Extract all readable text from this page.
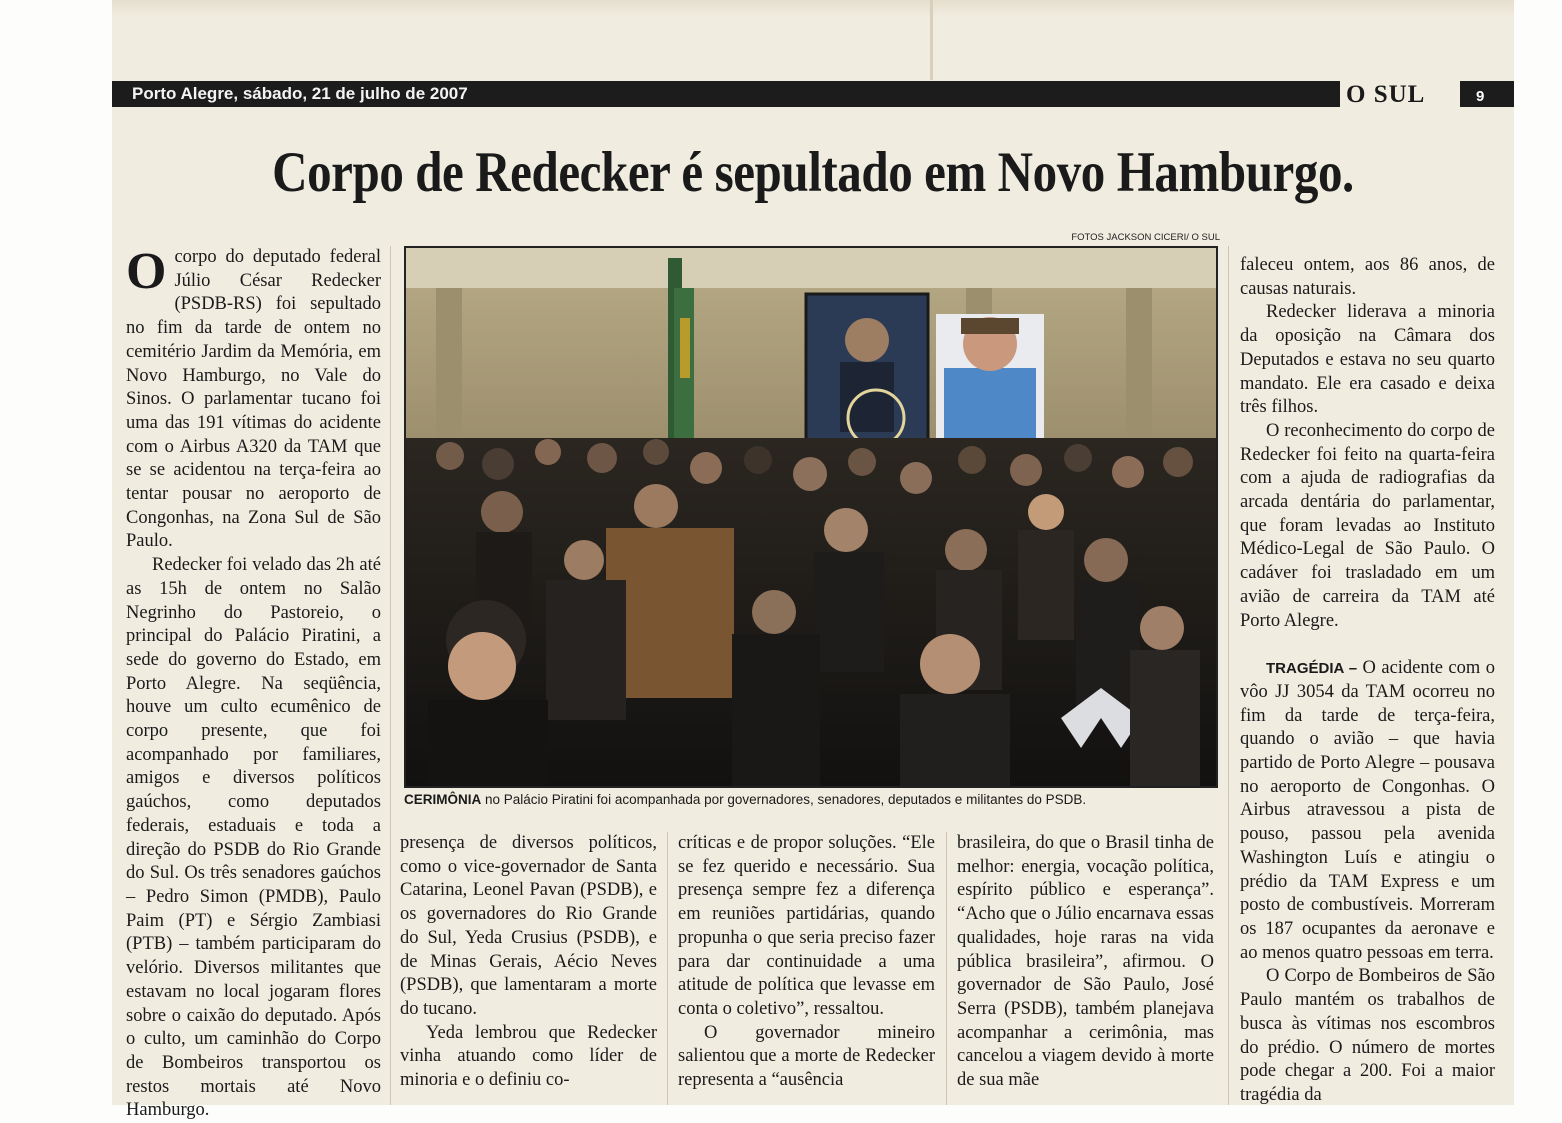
Porto Alegre, sábado, 21 de julho de 2007	O SUL	9
Corpo de Redecker é sepultado em Novo Hamburgo.
FOTOS JACKSON CICERI/ O SUL
CERIMÔNIA no Palácio Piratini foi acompanhada por governadores, senadores, deputados e militantes do PSDB.

Ocorpo do deputado federal Júlio César Redecker (PSDB-RS) foi sepultado no fim da tarde de ontem no cemitério Jardim da Memória, em Novo Hamburgo, no Vale do Sinos. O parlamentar tucano foi uma das 191 vítimas do acidente com o Airbus A320 da TAM que se se acidentou na terça-feira ao tentar pousar no aeroporto de Congonhas, na Zona Sul de São Paulo.

Redecker foi velado das 2h até as 15h de ontem no Salão Negrinho do Pastoreio, o principal do Palácio Piratini, a sede do governo do Estado, em Porto Alegre. Na seqüência, houve um culto ecumênico de corpo presente, que foi acompanhado por familiares, amigos e diversos políticos gaúchos, como deputados federais, estaduais e toda a direção do PSDB do Rio Grande do Sul. Os três senadores gaúchos – Pedro Simon (PMDB), Paulo Paim (PT) e Sérgio Zambiasi (PTB) – também participaram do velório. Diversos militantes que estavam no local jogaram flores sobre o caixão do deputado. Após o culto, um caminhão do Corpo de Bombeiros transportou os restos mortais até Novo Hamburgo.

presença de diversos políticos, como o vice-governador de Santa Catarina, Leonel Pavan (PSDB), e os governadores do Rio Grande do Sul, Yeda Crusius (PSDB), e de Minas Gerais, Aécio Neves (PSDB), que lamentaram a morte do tucano.

Yeda lembrou que Redecker vinha atuando como líder de minoria e o definiu co-

críticas e de propor soluções. “Ele se fez querido e necessário. Sua presença sempre fez a diferença em reuniões partidárias, quando propunha o que seria preciso fazer para dar continuidade a uma atitude de política que levasse em conta o coletivo”, ressaltou.

O governador mineiro salientou que a morte de Redecker representa a “ausência

brasileira, do que o Brasil tinha de melhor: energia, vocação política, espírito público e esperança”. “Acho que o Júlio encarnava essas qualidades, hoje raras na vida pública brasileira”, afirmou. O governador de São Paulo, José Serra (PSDB), também planejava acompanhar a cerimônia, mas cancelou a viagem devido à morte de sua mãe

faleceu ontem, aos 86 anos, de causas naturais.

Redecker liderava a minoria da oposição na Câmara dos Deputados e estava no seu quarto mandato. Ele era casado e deixa três filhos.

O reconhecimento do corpo de Redecker foi feito na quarta-feira com a ajuda de radiografias da arcada dentária do parlamentar, que foram levadas ao Instituto Médico-Legal de São Paulo. O cadáver foi trasladado em um avião de carreira da TAM até Porto Alegre.

TRAGÉDIA – O acidente com o vôo JJ 3054 da TAM ocorreu no fim da tarde de terça-feira, quando o avião – que havia partido de Porto Alegre – pousava no aeroporto de Congonhas. O Airbus atravessou a pista de pouso, passou pela avenida Washington Luís e atingiu o prédio da TAM Express e um posto de combustíveis. Morreram os 187 ocupantes da aeronave e ao menos quatro pessoas em terra.

O Corpo de Bombeiros de São Paulo mantém os trabalhos de busca às vítimas nos escombros do prédio. O número de mortes pode chegar a 200. Foi a maior tragédia da
